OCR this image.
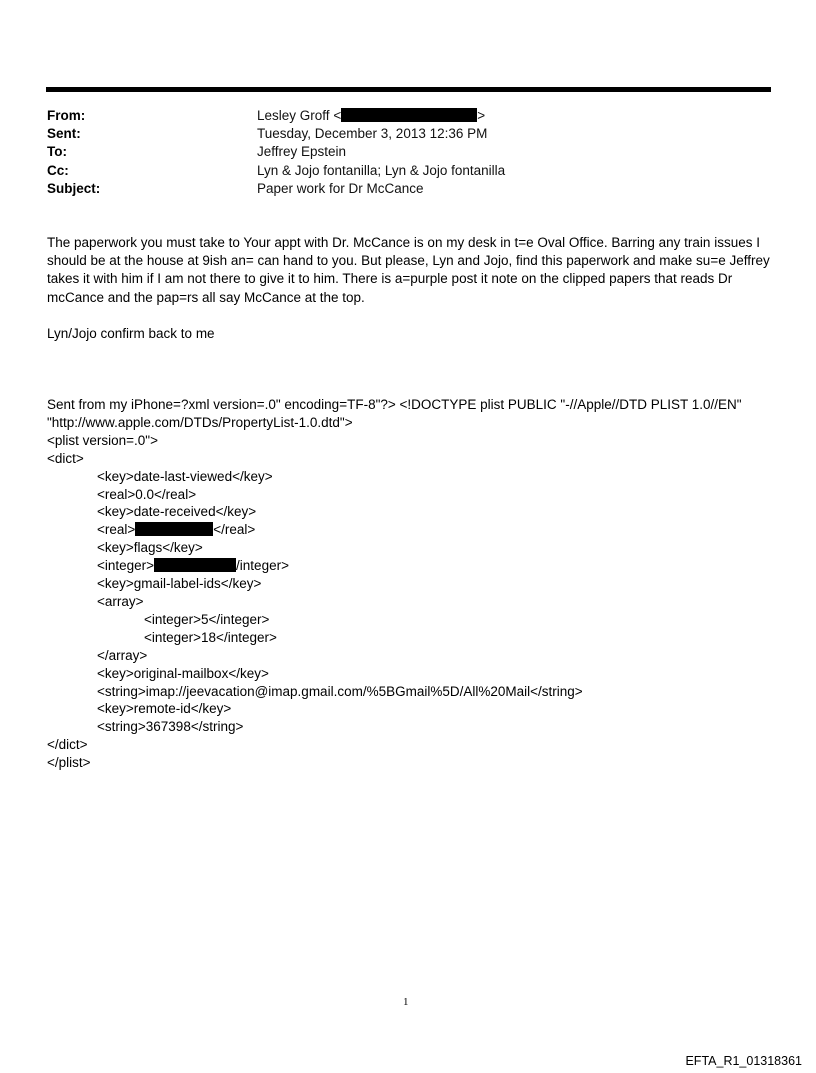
From:	Lesley Groff <	>
Sent:	Tuesday, December 3, 2013 12:36 PM
To:	Jeffrey Epstein
Cc:	Lyn & Jojo fontanilla; Lyn & Jojo fontanilla
Subject:	Paper work for Dr McCance

The paperwork you must take to Your appt with Dr. McCance is on my desk in t=e Oval Office. Barring any train issues I should be at the house at 9ish an= can hand to you. But please, Lyn and Jojo, find this paperwork and make su=e Jeffrey takes it with him if I am not there to give it to him. There is a=purple post it note on the clipped papers that reads Dr mcCance and the pap=rs all say McCance at the top.

Lyn/Jojo confirm back to me

Sent from my iPhone=?xml version=.0" encoding=TF-8"?> <!DOCTYPE plist PUBLIC "-//Apple//DTD PLIST 1.0//EN"
"http://www.apple.com/DTDs/PropertyList-1.0.dtd">
<plist version=.0">
<dict>
<key>date-last-viewed</key>
<real>0.0</real>
<key>date-received</key>
<real>	</real>
<key>flags</key>
<integer>	/integer>
<key>gmail-label-ids</key>
<array>
<integer>5</integer>
<integer>18</integer>
</array>
<key>original-mailbox</key>
<string>imap://jeevacation@imap.gmail.com/%5BGmail%5D/All%20Mail</string>
<key>remote-id</key>
<string>367398</string>
</dict>
</plist>
1
EFTA_R1_01318361
